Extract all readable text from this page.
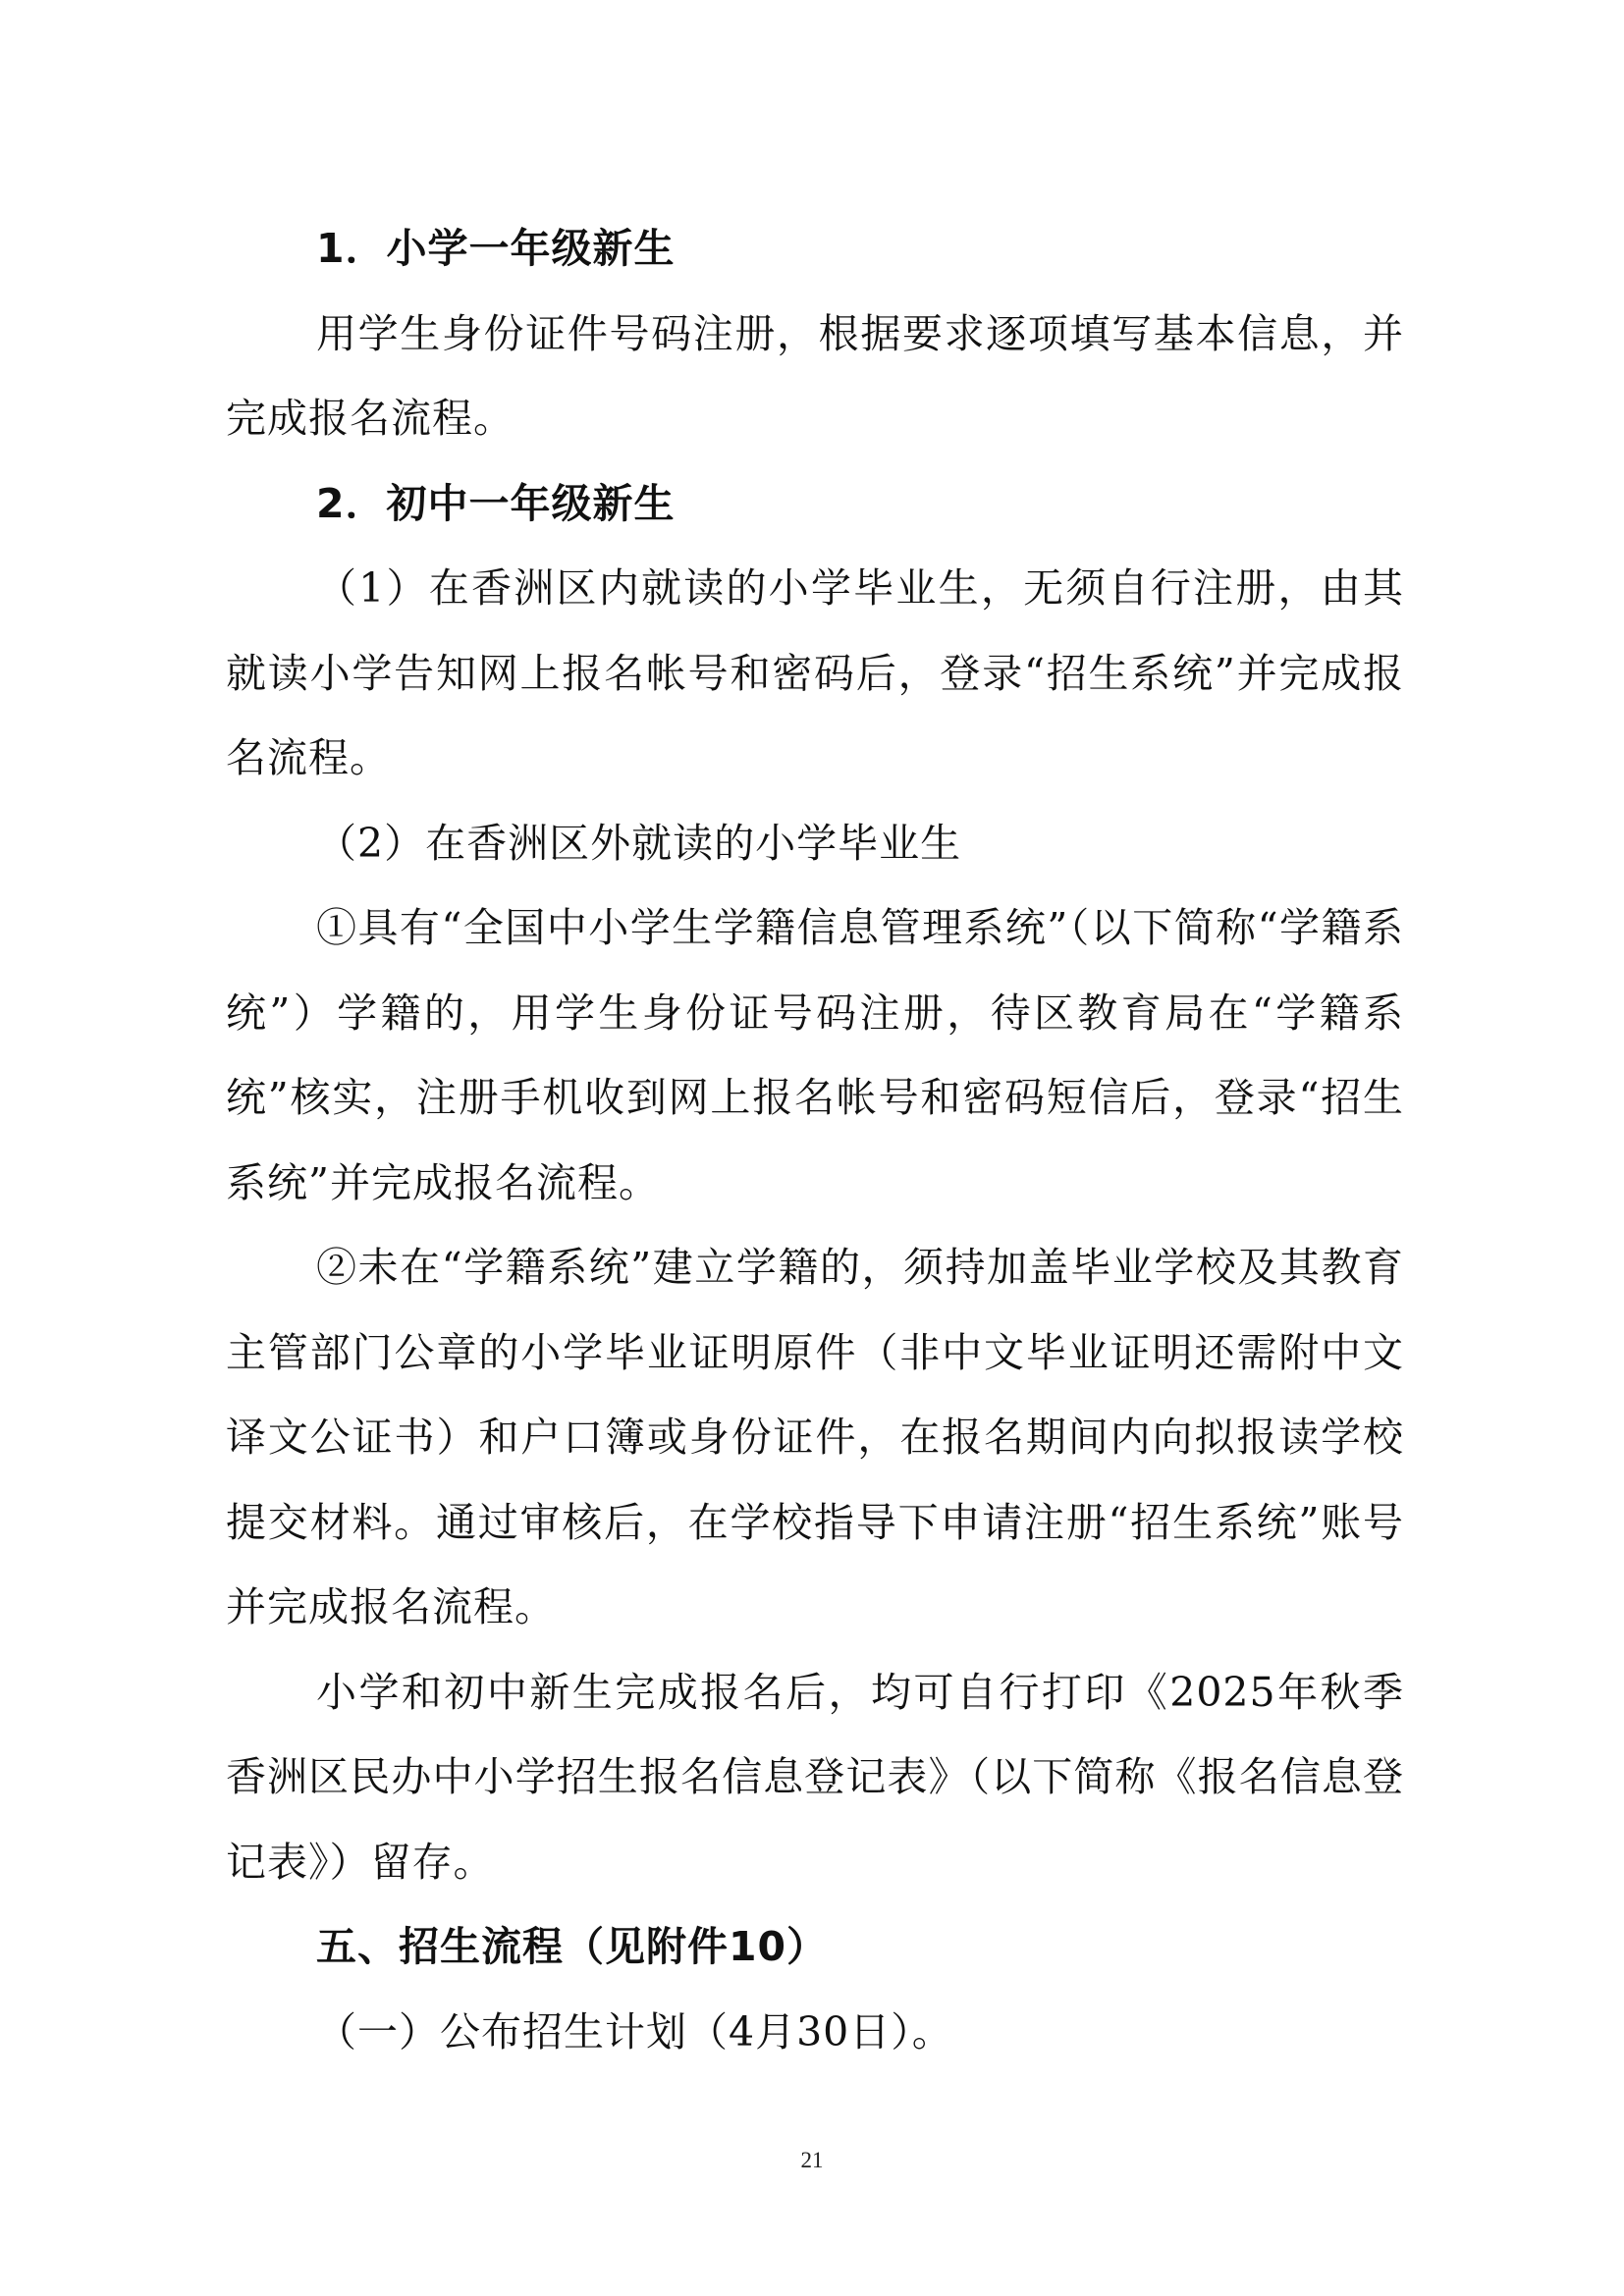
1．小学一年级新生

用学生身份证件号码注册，根据要求逐项填写基本信息，并完成报名流程。

2．初中一年级新生

（1）在香洲区内就读的小学毕业生，无须自行注册，由其就读小学告知网上报名帐号和密码后，登录“招生系统”并完成报名流程。

（2）在香洲区外就读的小学毕业生

①具有“全国中小学生学籍信息管理系统”（以下简称“学籍系统”）学籍的，用学生身份证号码注册，待区教育局在“学籍系统”核实，注册手机收到网上报名帐号和密码短信后，登录“招生系统”并完成报名流程。

②未在“学籍系统”建立学籍的，须持加盖毕业学校及其教育主管部门公章的小学毕业证明原件（非中文毕业证明还需附中文译文公证书）和户口簿或身份证件，在报名期间内向拟报读学校提交材料。通过审核后，在学校指导下申请注册“招生系统”账号并完成报名流程。

小学和初中新生完成报名后，均可自行打印《2025年秋季香洲区民办中小学招生报名信息登记表》（以下简称《报名信息登记表》）留存。

五、招生流程（见附件10）

（一）公布招生计划（4月30日）。

21
